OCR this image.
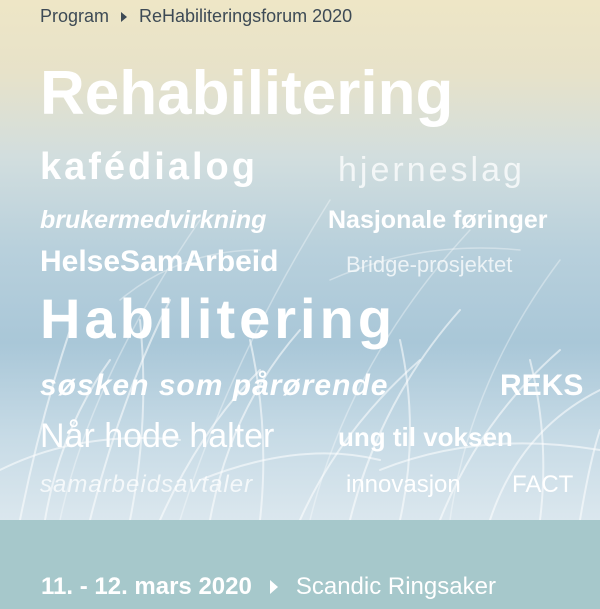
Program ReHabiliteringsforum 2020
Rehabilitering
kafédialog hjerneslag
brukermedvirkning Nasjonale føringer
HelseSamArbeid	Bridge-prosjektet
Habilitering
søsken som pårørende	REKS
Når hode halter ung til voksen
samarbeidsavtaler	innovasjon FACT
11. - 12. mars 2020 Scandic Ringsaker
